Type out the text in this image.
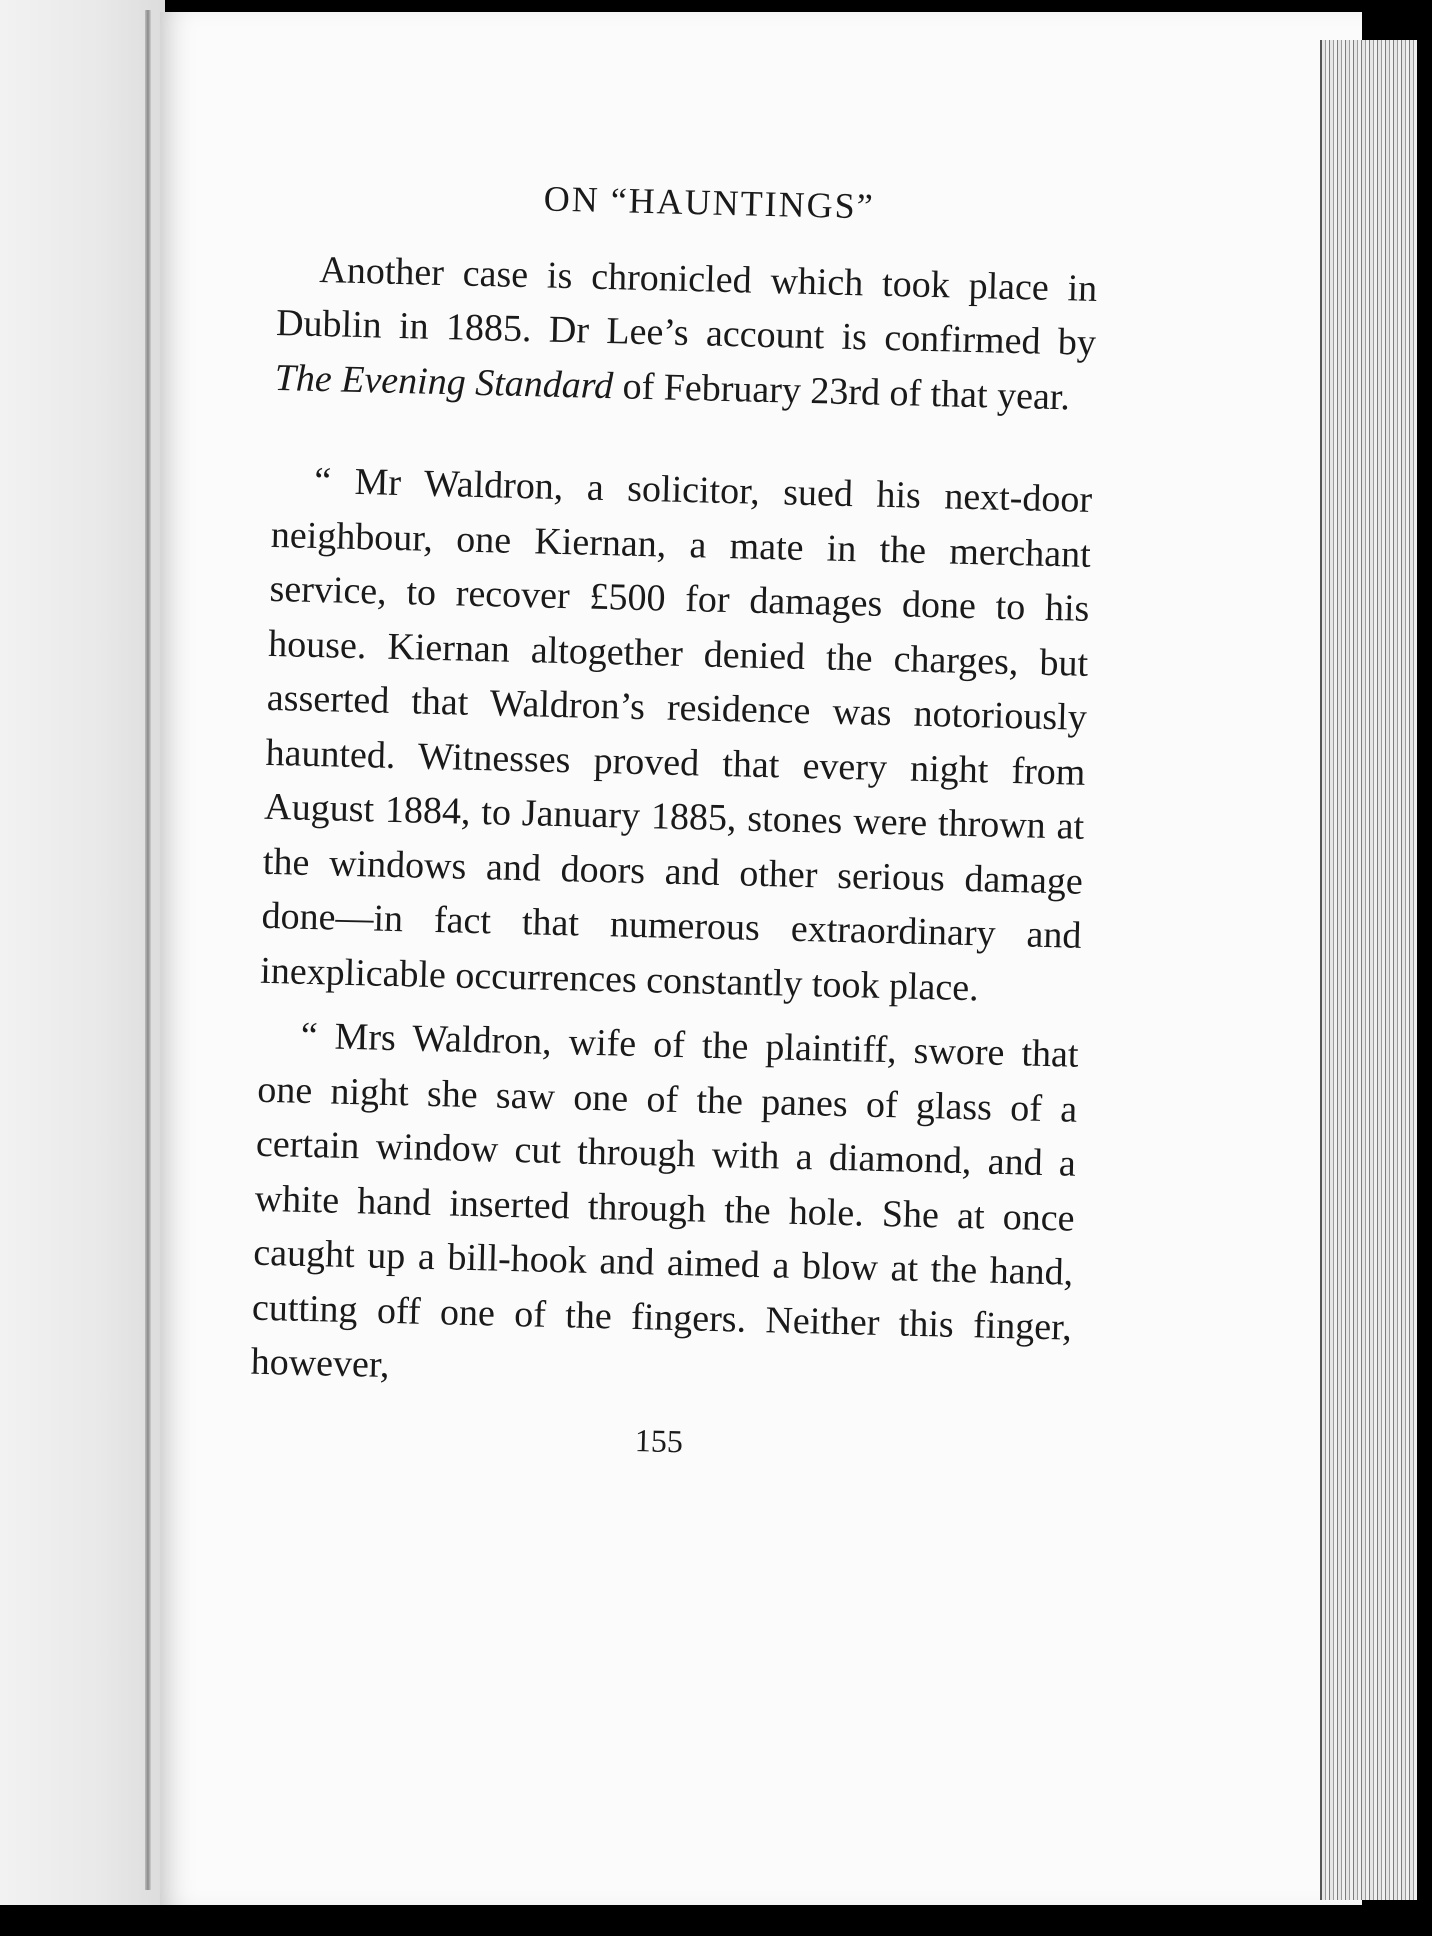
ON “HAUNTINGS”

Another case is chronicled which took place in Dublin in 1885. Dr Lee’s account is confirmed by The Evening Standard of February 23rd of that year.

“ Mr Waldron, a solicitor, sued his next-door neighbour, one Kiernan, a mate in the merchant service, to recover £500 for damages done to his house. Kiernan altogether denied the charges, but asserted that Waldron’s residence was notoriously haunted. Witnesses proved that every night from August 1884, to January 1885, stones were thrown at the windows and doors and other serious damage done—in fact that numerous extraordinary and inexplicable occurrences constantly took place.

“ Mrs Waldron, wife of the plaintiff, swore that one night she saw one of the panes of glass of a certain window cut through with a diamond, and a white hand inserted through the hole. She at once caught up a bill-hook and aimed a blow at the hand, cutting off one of the fingers. Neither this finger, however,

155
